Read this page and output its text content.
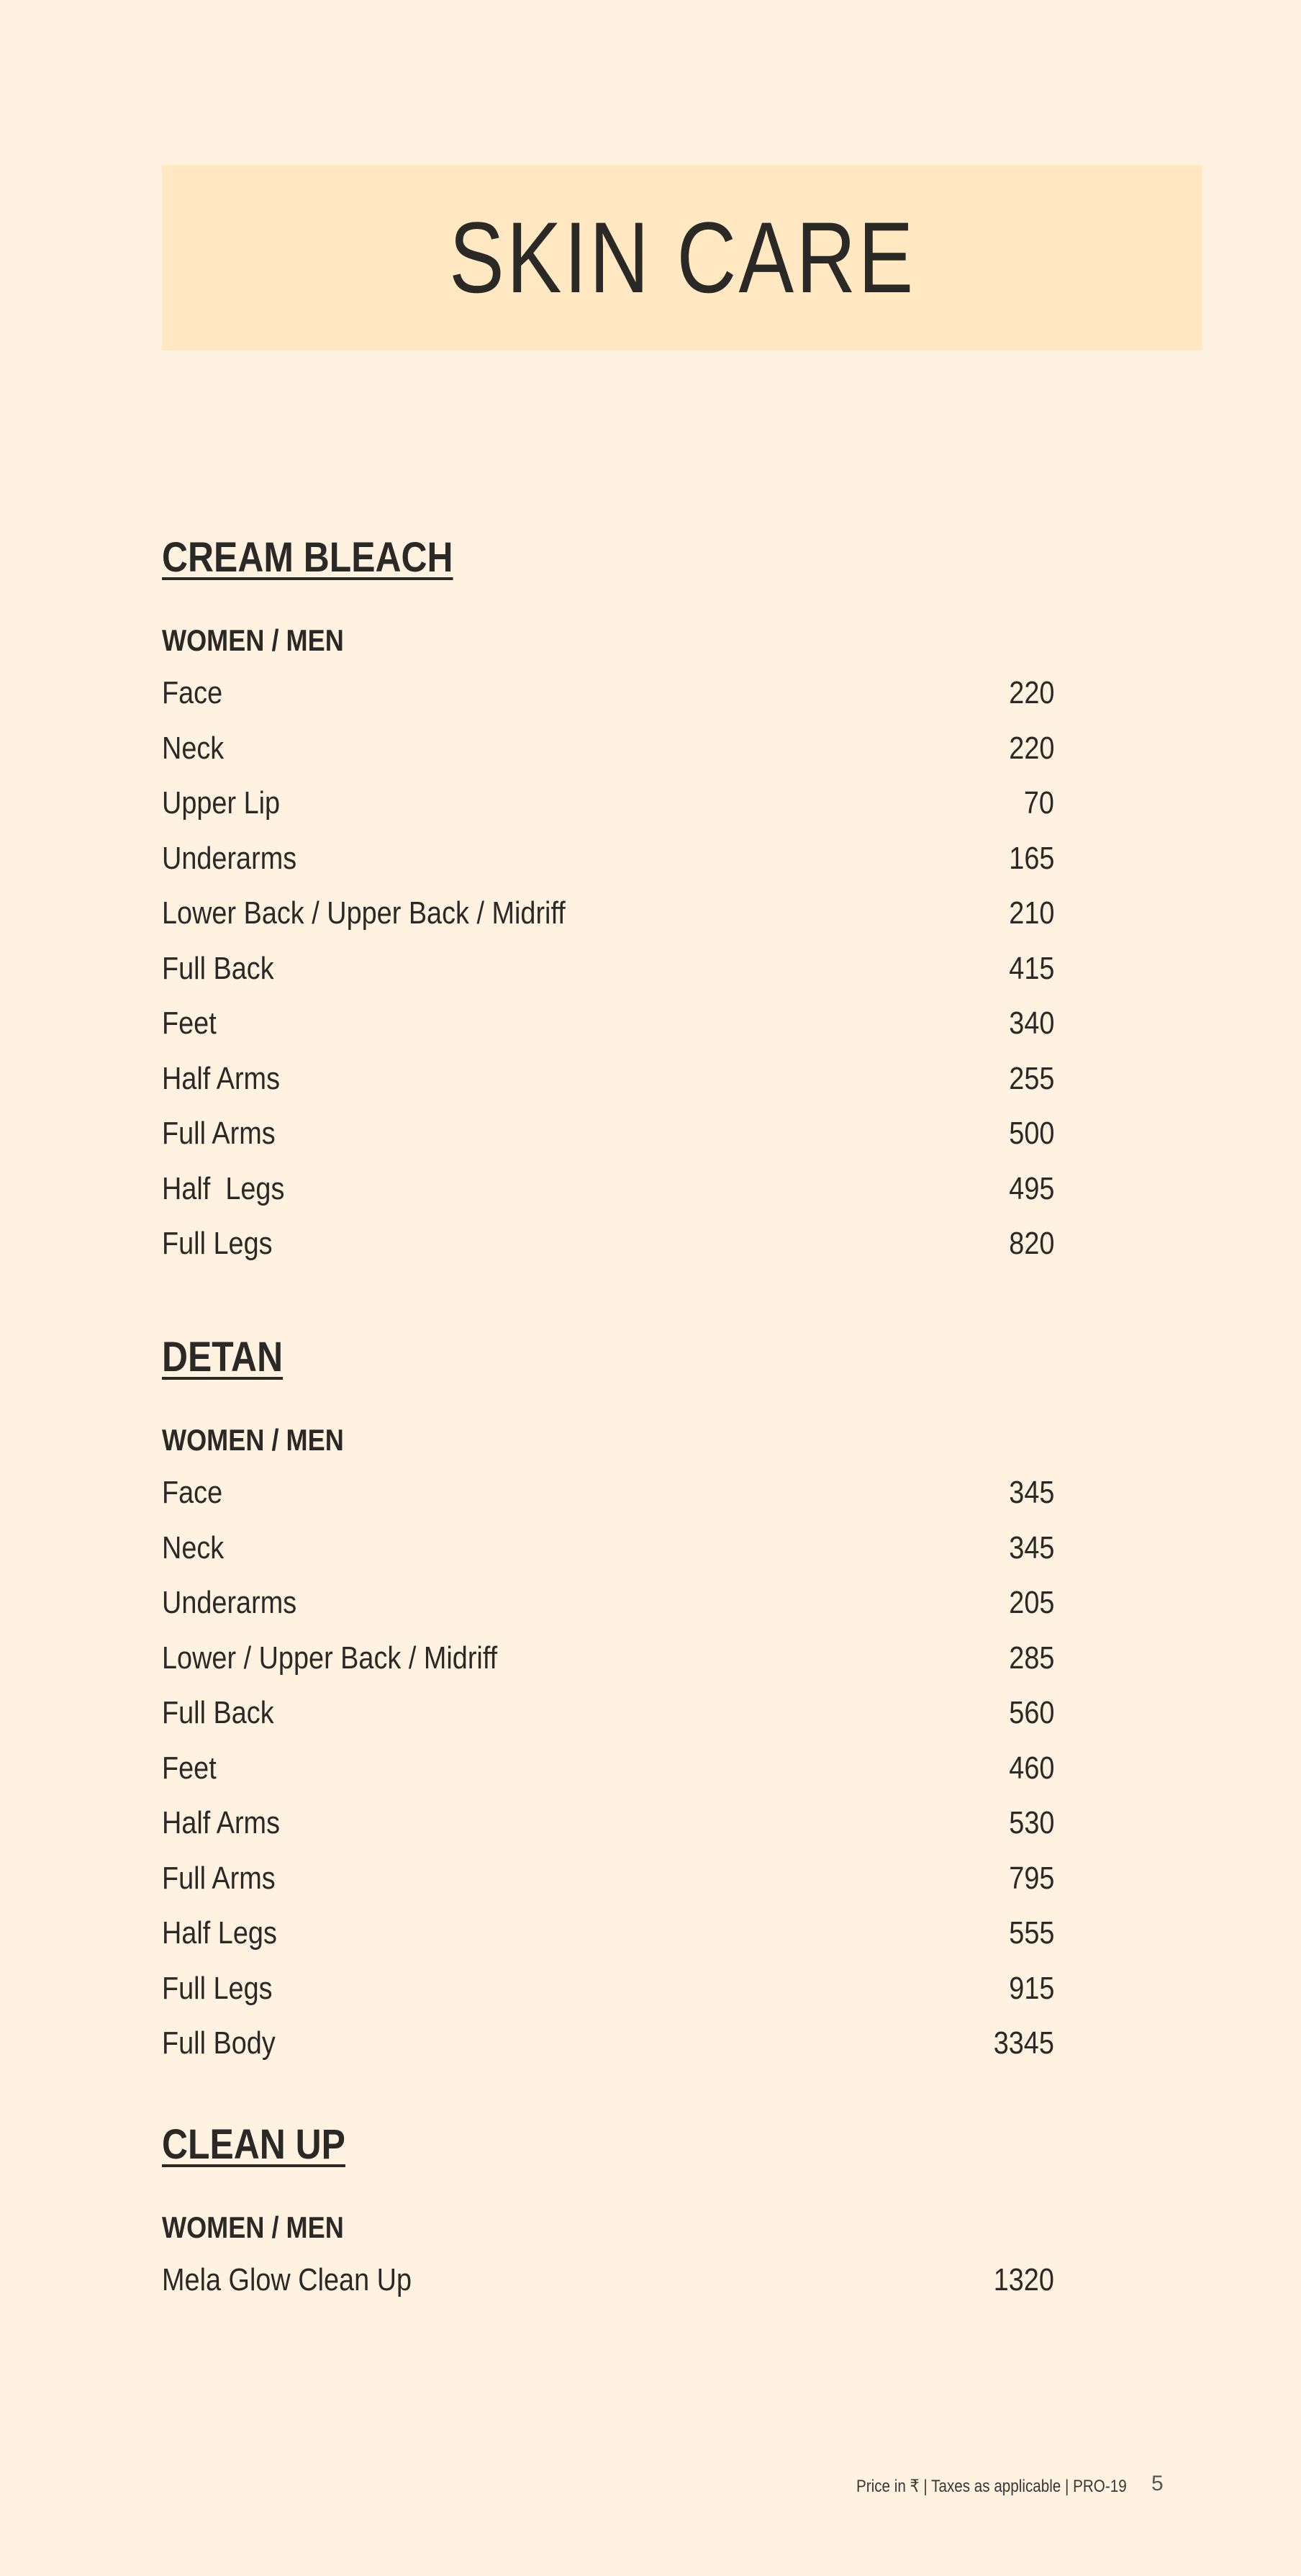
SKIN CARE
CREAM BLEACH
WOMEN / MEN
Face	220
Neck	220
Upper Lip	70
Underarms	165
Lower Back / Upper Back / Midriff	210
Full Back	415
Feet	340
Half Arms	255
Full Arms	500
Half  Legs	495
Full Legs	820
DETAN
WOMEN / MEN
Face	345
Neck	345
Underarms	205
Lower / Upper Back / Midriff	285
Full Back	560
Feet	460
Half Arms	530
Full Arms	795
Half Legs	555
Full Legs	915
Full Body	3345
CLEAN UP
WOMEN / MEN
Mela Glow Clean Up	1320
Price in ₹ | Taxes as applicable | PRO-19 5
